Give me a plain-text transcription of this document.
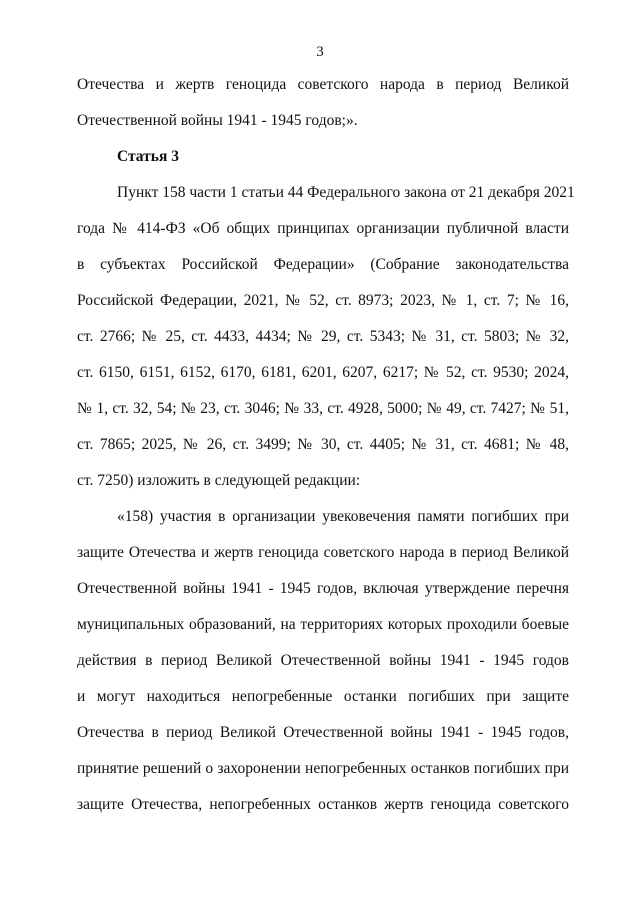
3
Отечества и жертв геноцида советского народа в период Великой
Отечественной войны 1941 - 1945 годов;».
Статья 3
Пункт 158 части 1 статьи 44 Федерального закона от 21 декабря 2021
года № 414-ФЗ «Об общих принципах организации публичной власти
в субъектах Российской Федерации» (Собрание законодательства
Российской Федерации, 2021, № 52, ст. 8973; 2023, № 1, ст. 7; № 16,
ст. 2766; № 25, ст. 4433, 4434; № 29, ст. 5343; № 31, ст. 5803; № 32,
ст. 6150, 6151, 6152, 6170, 6181, 6201, 6207, 6217; № 52, ст. 9530; 2024,
№ 1, ст. 32, 54; № 23, ст. 3046; № 33, ст. 4928, 5000; № 49, ст. 7427; № 51,
ст. 7865; 2025, № 26, ст. 3499; № 30, ст. 4405; № 31, ст. 4681; № 48,
ст. 7250) изложить в следующей редакции:
«158) участия в организации увековечения памяти погибших при
защите Отечества и жертв геноцида советского народа в период Великой
Отечественной войны 1941 - 1945 годов, включая утверждение перечня
муниципальных образований, на территориях которых проходили боевые
действия в период Великой Отечественной войны 1941 - 1945 годов
и могут находиться непогребенные останки погибших при защите
Отечества в период Великой Отечественной войны 1941 - 1945 годов,
принятие решений о захоронении непогребенных останков погибших при
защите Отечества, непогребенных останков жертв геноцида советского
